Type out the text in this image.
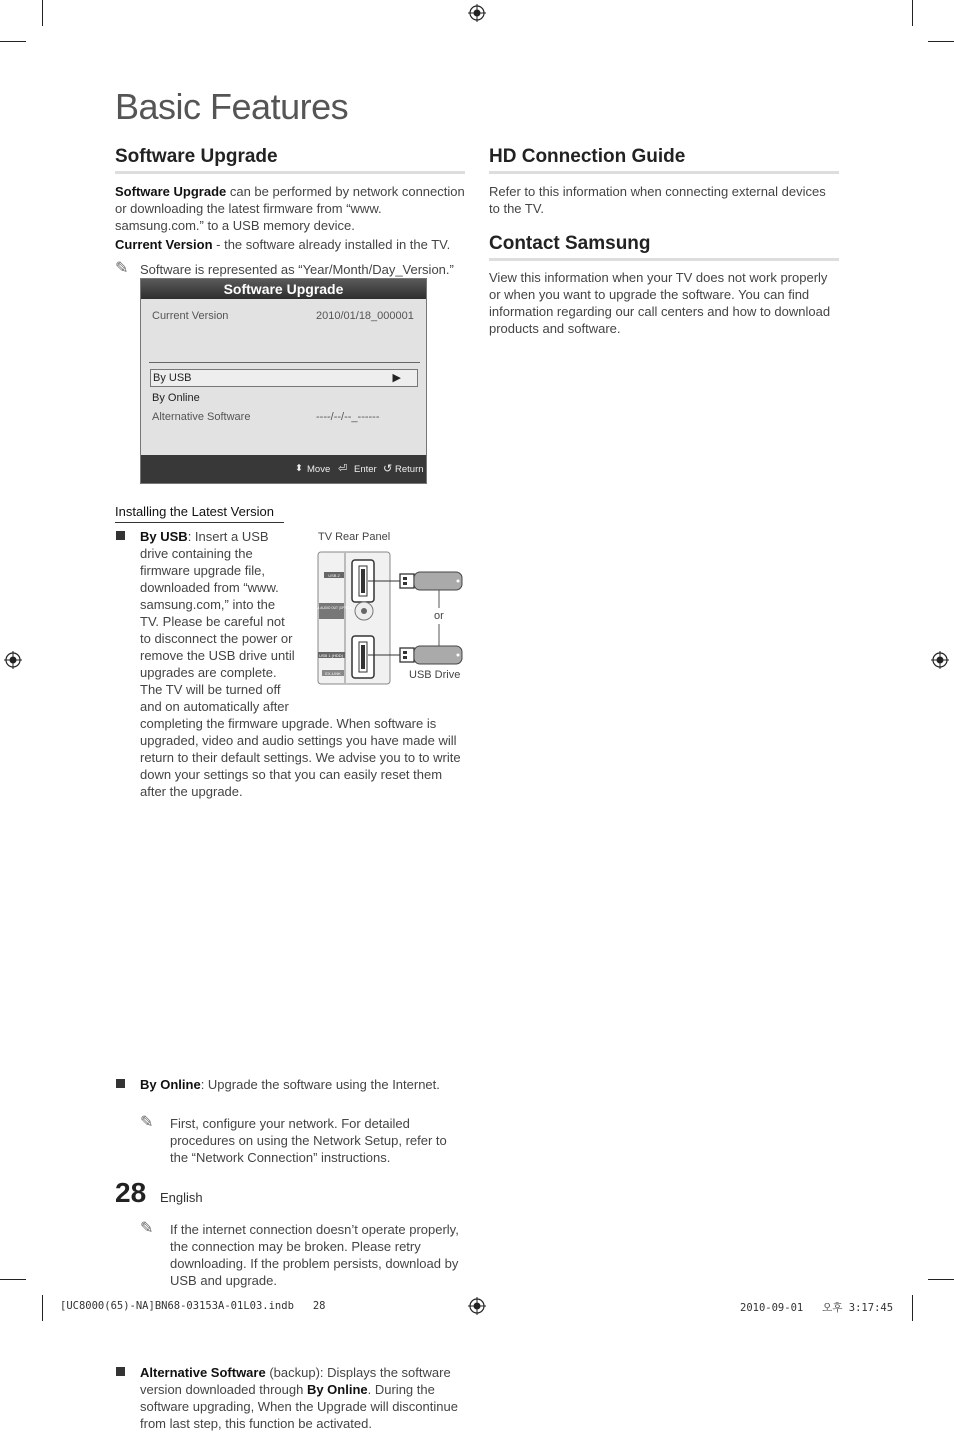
Basic Features
Software Upgrade
Software Upgrade can be performed by network connection or downloading the latest firmware from “www. samsung.com.” to a USB memory device.
Current Version - the software already installed in the TV.
✎ Software is represented as “Year/Month/Day_Version.”
Software Upgrade
Current Version	2010/01/18_000001
By USB	▶
By Online
Alternative Software	----/--/--_------
⬍ Move ⏎ Enter ↺ Return
Installing the Latest Version
By USB: Insert a USB
drive containing the
firmware upgrade file,
downloaded from “www.
samsung.com,” into the
TV. Please be careful not
to disconnect the power or
remove the USB drive until
upgrades are complete.
The TV will be turned off
and on automatically after
completing the firmware upgrade. When software is upgraded, video and audio settings you have made will return to their default settings. We advise you to to write down your settings so that you can easily reset them after the upgrade.
TV Rear Panel
USB 2
DIGITAL AUDIO OUT (OPTICAL)
USB 1 (HDD)
EX-LINK
or
USB Drive
By Online: Upgrade the software using the Internet.
✎ First, configure your network. For detailed procedures on using the Network Setup, refer to the “Network Connection” instructions.
✎ If the internet connection doesn’t operate properly, the connection may be broken. Please retry downloading. If the problem persists, download by USB and upgrade.
Alternative Software (backup): Displays the software version downloaded through By Online. During the software upgrading, When the Upgrade will discontinue from last step, this function be activated.
HD Connection Guide
Refer to this information when connecting external devices to the TV.
Contact Samsung
View this information when your TV does not work properly or when you want to upgrade the software. You can find information regarding our call centers and how to download products and software.
28 English
[UC8000(65)-NA]BN68-03153A-01L03.indb   28	2010-09-01   오후 3:17:45
